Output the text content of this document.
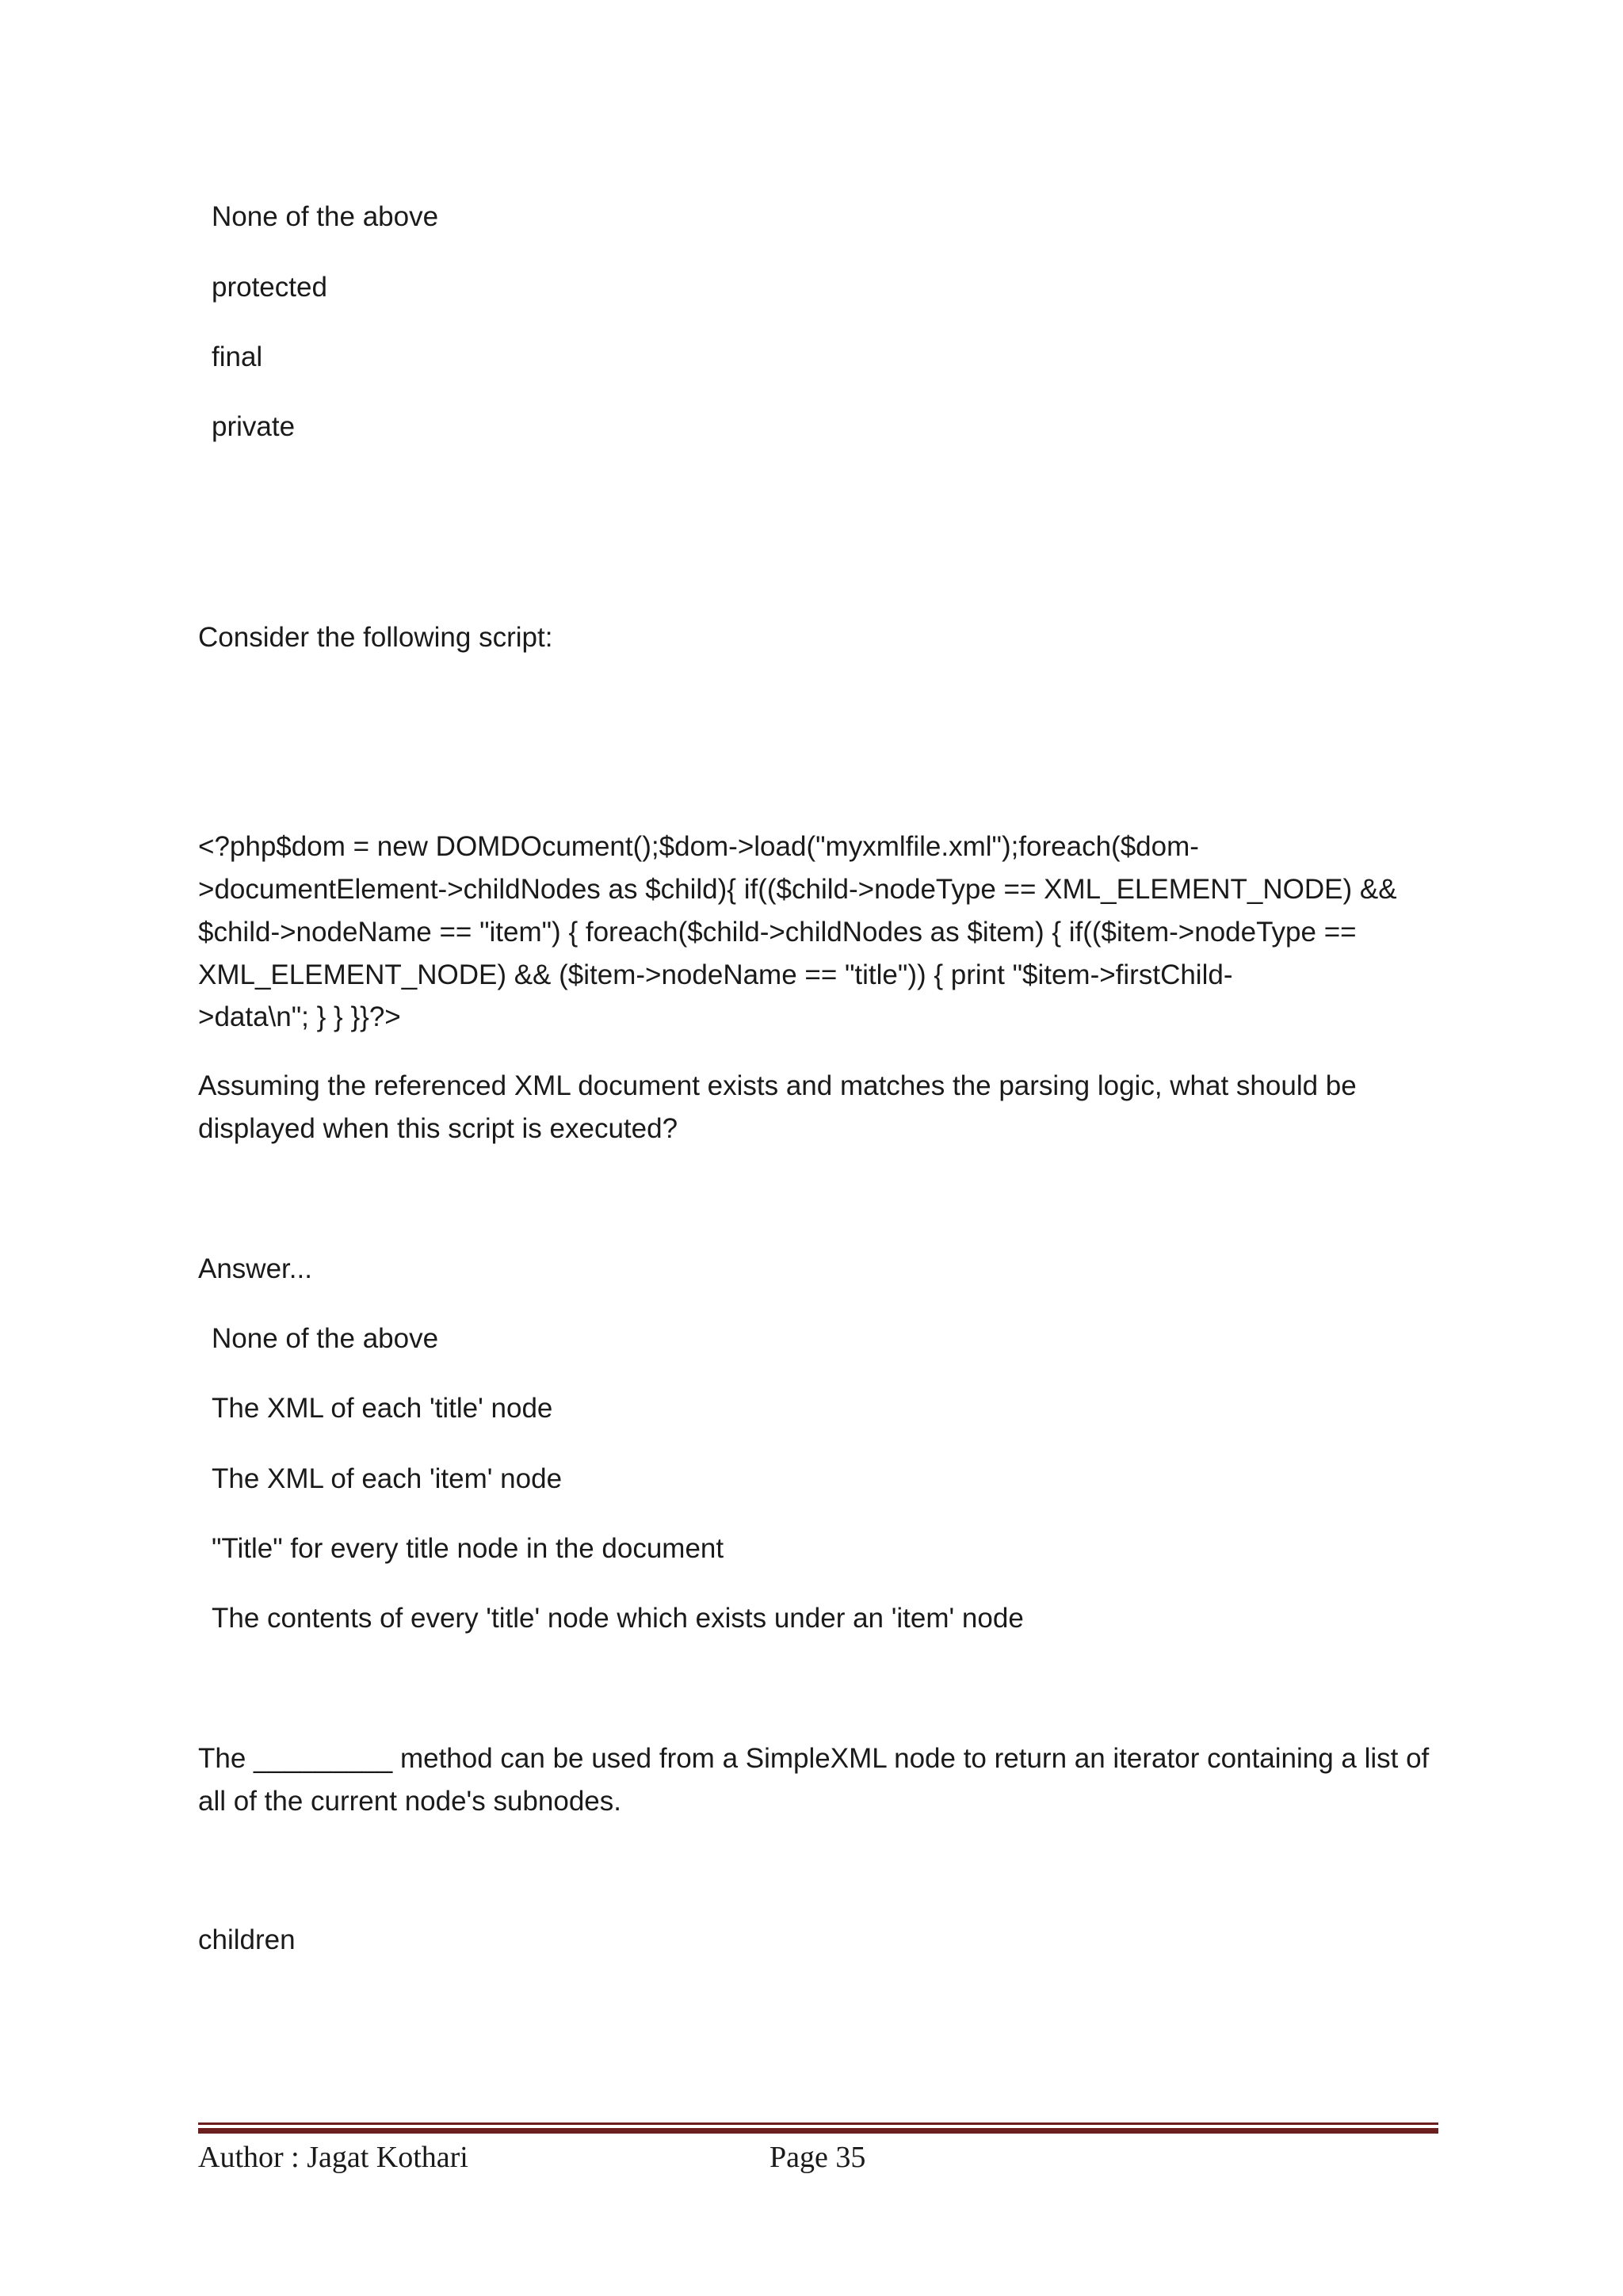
None of the above
protected
final
private
Consider the following script:
<?php$dom = new DOMDOcument();$dom->load("myxmlfile.xml");foreach($dom-
>documentElement->childNodes as $child){ if(($child->nodeType == XML_ELEMENT_NODE) &&
$child->nodeName == "item") { foreach($child->childNodes as $item) { if(($item->nodeType ==
XML_ELEMENT_NODE) && ($item->nodeName == "title")) { print "$item->firstChild-
>data\n"; } } }}?>
Assuming the referenced XML document exists and matches the parsing logic, what should be displayed when this script is executed?
Answer...
None of the above
The XML of each 'title' node
The XML of each 'item' node
"Title" for every title node in the document
The contents of every 'title' node which exists under an 'item' node
The _________ method can be used from a SimpleXML node to return an iterator containing a list of all of the current node's subnodes.
children
Author : Jagat Kothari	Page 35
